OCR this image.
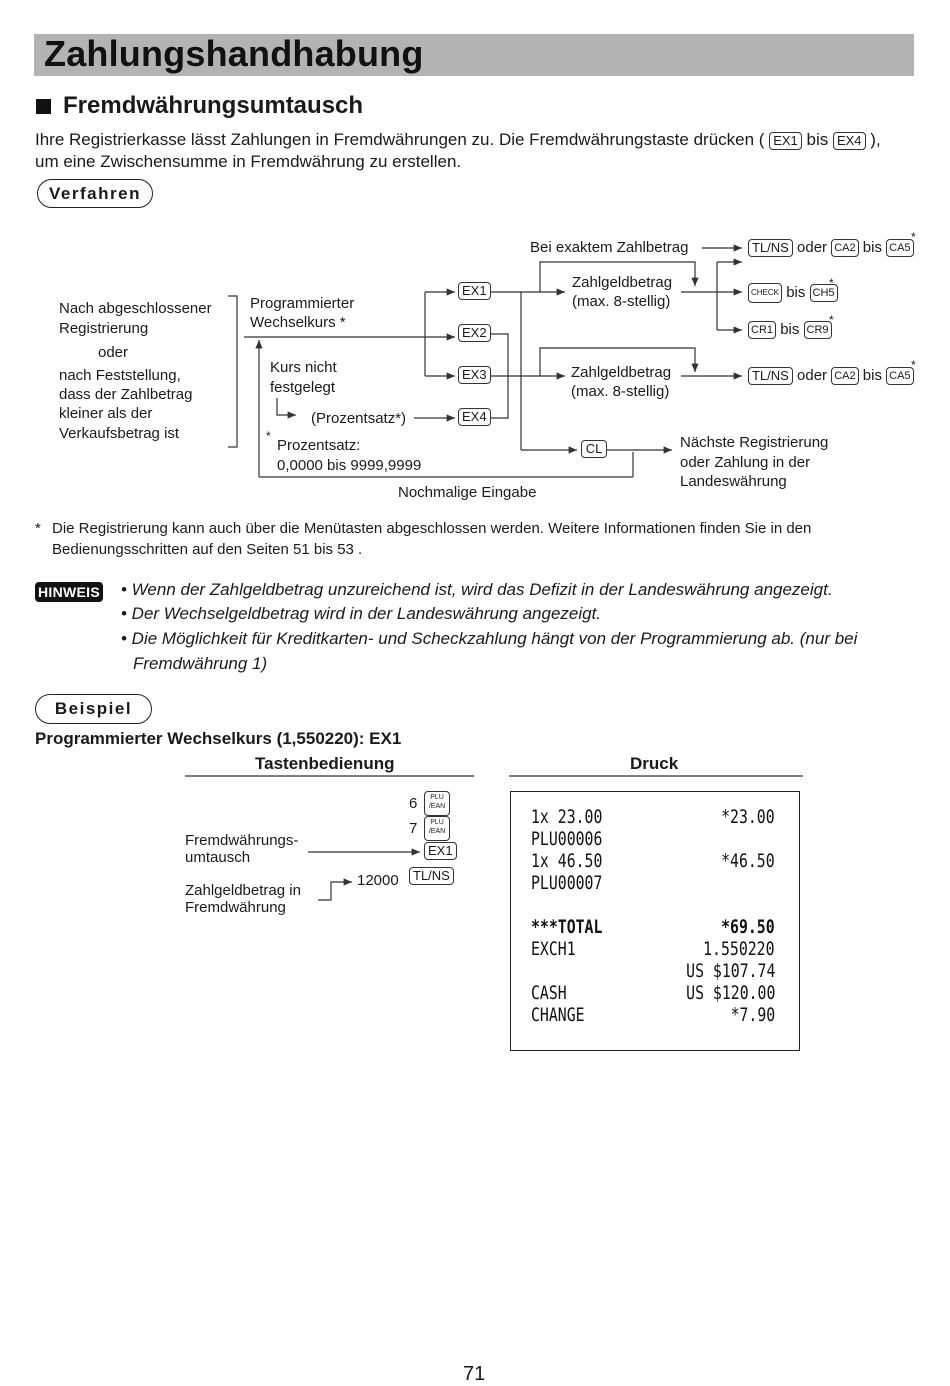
Zahlungshandhabung
Fremdwährungsumtausch
Ihre Registrierkasse lässt Zahlungen in Fremdwährungen zu. Die Fremdwährungstaste drücken ( EX1 bis EX4 ),
um eine Zwischensumme in Fremdwährung zu erstellen.
Verfahren
Nach abgeschlossener
Registrierung
oder
nach Feststellung,
dass der Zahlbetrag
kleiner als der
Verkaufsbetrag ist
Programmierter
Wechselkurs *
Kurs nicht
festgelegt
(Prozentsatz*)
*
Prozentsatz:
0,0000 bis 9999,9999
EX1
EX2
EX3
EX4
Bei exaktem Zahlbetrag
Zahlgeldbetrag
(max. 8-stellig)
Zahlgeldbetrag
(max. 8-stellig)
TL/NS oder CA2 bis CA5
*
CHECK bis CH5
*
CR1 bis CR9
*
TL/NS oder CA2 bis CA5
*
CL	Nächste Registrierung
oder Zahlung in der
Landeswährung
Nochmalige Eingabe
* Die Registrierung kann auch über die Menütasten abgeschlossen werden. Weitere Informationen finden Sie in den
Bedienungsschritten auf den Seiten 51 bis 53 .
HINWEIS • Wenn der Zahlgeldbetrag unzureichend ist, wird das Defizit in der Landeswährung angezeigt.
• Der Wechselgeldbetrag wird in der Landeswährung angezeigt.
• Die Möglichkeit für Kreditkarten- und Scheckzahlung hängt von der Programmierung ab. (nur bei
Fremdwährung 1)
Beispiel
Programmierter Wechselkurs (1,550220): EX1
Tastenbedienung	Druck
6	PLU
/EAN
7	PLU
/EAN
Fremdwährungs-
umtausch	EX1
Zahlgeldbetrag in
Fremdwährung
12000	TL/NS
1x 23.00	*23.00
PLU00006
1x 46.50	*46.50
PLU00007
***TOTAL	*69.50
EXCH1	1.550220
US $107.74
CASH	US $120.00
CHANGE	*7.90
71
